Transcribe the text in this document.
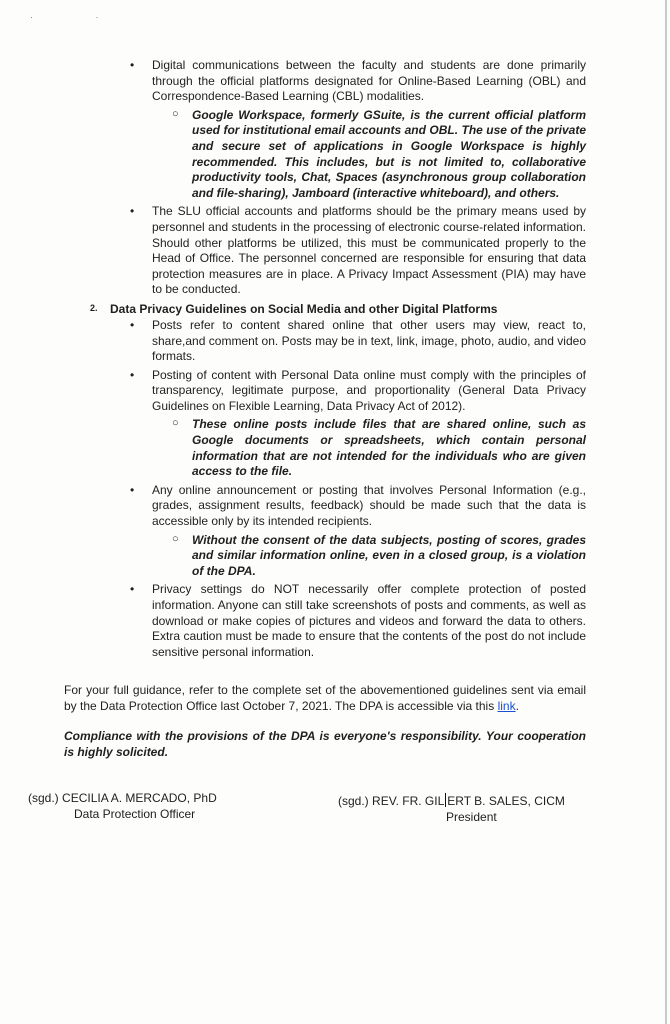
· ·
• Digital communications between the faculty and students are done primarily through the official platforms designated for Online-Based Learning (OBL) and Correspondence-Based Learning (CBL) modalities.

○ Google Workspace, formerly GSuite, is the current official platform used for institutional email accounts and OBL. The use of the private and secure set of applications in Google Workspace is highly recommended. This includes, but is not limited to, collaborative productivity tools, Chat, Spaces (asynchronous group collaboration and file-sharing), Jamboard (interactive whiteboard), and others.

• The SLU official accounts and platforms should be the primary means used by personnel and students in the processing of electronic course-related information. Should other platforms be utilized, this must be communicated properly to the Head of Office. The personnel concerned are responsible for ensuring that data protection measures are in place. A Privacy Impact Assessment (PIA) may have to be conducted.

2. Data Privacy Guidelines on Social Media and other Digital Platforms
• Posts refer to content shared online that other users may view, react to, share,and comment on. Posts may be in text, link, image, photo, audio, and video formats.

• Posting of content with Personal Data online must comply with the principles of transparency, legitimate purpose, and proportionality (General Data Privacy Guidelines on Flexible Learning, Data Privacy Act of 2012).

○ These online posts include files that are shared online, such as Google documents or spreadsheets, which contain personal information that are not intended for the individuals who are given access to the file.

• Any online announcement or posting that involves Personal Information (e.g., grades, assignment results, feedback) should be made such that the data is accessible only by its intended recipients.

○ Without the consent of the data subjects, posting of scores, grades and similar information online, even in a closed group, is a violation of the DPA.

• Privacy settings do NOT necessarily offer complete protection of posted information. Anyone can still take screenshots of posts and comments, as well as download or make copies of pictures and videos and forward the data to others. Extra caution must be made to ensure that the contents of the post do not include sensitive personal information.

For your full guidance, refer to the complete set of the abovementioned guidelines sent via email by the Data Protection Office last October 7, 2021. The DPA is accessible via this link.
Compliance with the provisions of the DPA is everyone's responsibility. Your cooperation is highly solicited.
(sgd.) CECILIA A. MERCADO, PhD
Data Protection Officer
(sgd.) REV. FR. GIL ERT B. SALES, CICM
President
